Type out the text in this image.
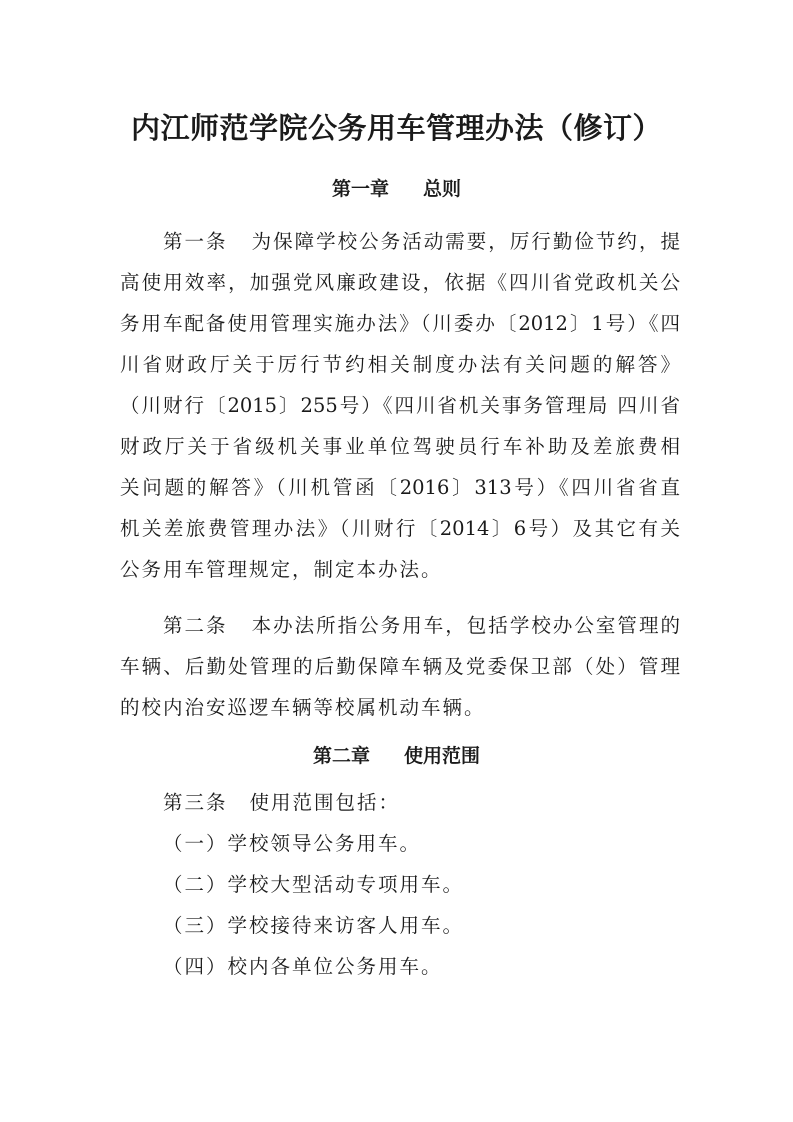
内江师范学院公务用车管理办法（修订）
第一章 总则
第一条 为保障学校公务活动需要，厉行勤俭节约，提
高使用效率，加强党风廉政建设，依据《四川省党政机关公
务用车配备使用管理实施办法》（川委办〔2012〕1号）《四
川省财政厅关于厉行节约相关制度办法有关问题的解答》
（川财行〔2015〕255号）《四川省机关事务管理局 四川省
财政厅关于省级机关事业单位驾驶员行车补助及差旅费相
关问题的解答》（川机管函〔2016〕313号）《四川省省直
机关差旅费管理办法》（川财行〔2014〕6号）及其它有关
公务用车管理规定，制定本办法。
第二条 本办法所指公务用车，包括学校办公室管理的
车辆、后勤处管理的后勤保障车辆及党委保卫部（处）管理
的校内治安巡逻车辆等校属机动车辆。
第二章 使用范围
第三条 使用范围包括：
（一）学校领导公务用车。
（二）学校大型活动专项用车。
（三）学校接待来访客人用车。
（四）校内各单位公务用车。
